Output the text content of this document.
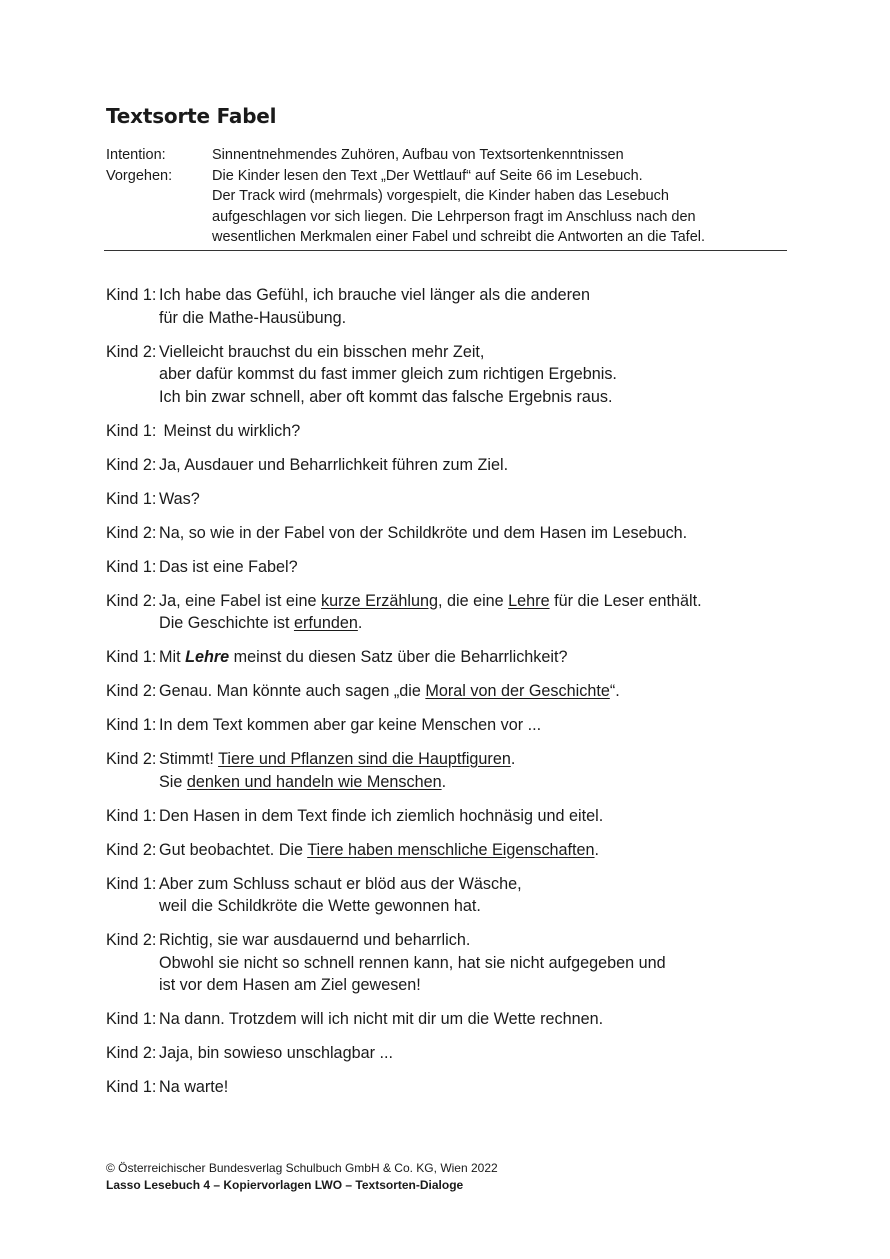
Textsorte Fabel
Intention:	Sinnentnehmendes Zuhören, Aufbau von Textsortenkenntnissen
Vorgehen:	Die Kinder lesen den Text „Der Wettlauf“ auf Seite 66 im Lesebuch.
Der Track wird (mehrmals) vorgespielt, die Kinder haben das Lesebuch
aufgeschlagen vor sich liegen. Die Lehrperson fragt im Anschluss nach den
wesentlichen Merkmalen einer Fabel und schreibt die Antworten an die Tafel.
Kind 1: Ich habe das Gefühl, ich brauche viel länger als die anderen
für die Mathe-Hausübung.
Kind 2: Vielleicht brauchst du ein bisschen mehr Zeit,
aber dafür kommst du fast immer gleich zum richtigen Ergebnis.
Ich bin zwar schnell, aber oft kommt das falsche Ergebnis raus.
Kind 1: Meinst du wirklich?
Kind 2: Ja, Ausdauer und Beharrlichkeit führen zum Ziel.
Kind 1: Was?
Kind 2: Na, so wie in der Fabel von der Schildkröte und dem Hasen im Lesebuch.
Kind 1: Das ist eine Fabel?
Kind 2: Ja, eine Fabel ist eine kurze Erzählung, die eine Lehre für die Leser enthält.
Die Geschichte ist erfunden.
Kind 1: Mit Lehre meinst du diesen Satz über die Beharrlichkeit?
Kind 2: Genau. Man könnte auch sagen „die Moral von der Geschichte“.
Kind 1: In dem Text kommen aber gar keine Menschen vor ...
Kind 2: Stimmt! Tiere und Pflanzen sind die Hauptfiguren.
Sie denken und handeln wie Menschen.
Kind 1: Den Hasen in dem Text finde ich ziemlich hochnäsig und eitel.
Kind 2: Gut beobachtet. Die Tiere haben menschliche Eigenschaften.
Kind 1: Aber zum Schluss schaut er blöd aus der Wäsche,
weil die Schildkröte die Wette gewonnen hat.
Kind 2: Richtig, sie war ausdauernd und beharrlich.
Obwohl sie nicht so schnell rennen kann, hat sie nicht aufgegeben und
ist vor dem Hasen am Ziel gewesen!
Kind 1: Na dann. Trotzdem will ich nicht mit dir um die Wette rechnen.
Kind 2: Jaja, bin sowieso unschlagbar ...
Kind 1: Na warte!
© Österreichischer Bundesverlag Schulbuch GmbH & Co. KG, Wien 2022
Lasso Lesebuch 4 – Kopiervorlagen LWO – Textsorten-Dialoge
